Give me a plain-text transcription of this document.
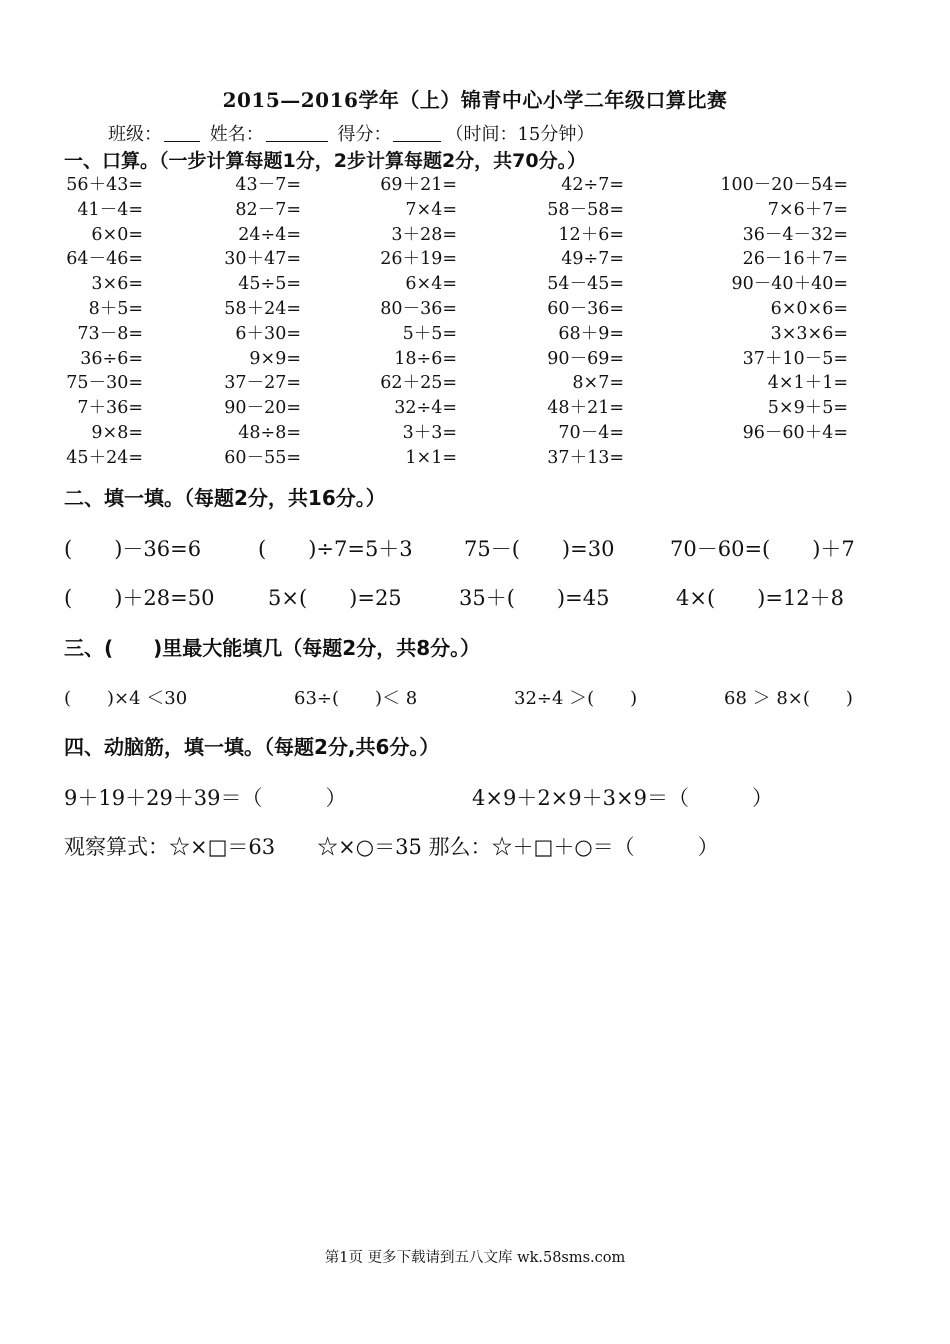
2015—2016学年（上）锦青中心小学二年级口算比赛
班级：	姓名：	得分：	（时间：15分钟）
一、口算。（一步计算每题1分，2步计算每题2分，共70分。）
56＋43=	43－7=	69＋21=	42÷7=	100－20－54=
41－4=	82－7=	7×4=	58－58=	7×6＋7=
6×0=	24÷4=	3＋28=	12＋6=	36－4－32=
64－46=	30＋47=	26＋19=	49÷7=	26－16＋7=
3×6=	45÷5=	6×4=	54－45=	90－40＋40=
8＋5=	58＋24=	80－36=	60－36=	6×0×6=
73－8=	6＋30=	5＋5=	68＋9=	3×3×6=
36÷6=	9×9=	18÷6=	90－69=	37＋10－5=
75－30=	37－27=	62＋25=	8×7=	4×1＋1=
7＋36=	90－20=	32÷4=	48＋21=	5×9＋5=
9×8=	48÷8=	3＋3=	70－4=	96－60＋4=
45＋24=	60－55=	1×1=	37＋13=
二、填一填。（每题2分，共16分。）
(　　)－36=6	(　　)÷7=5＋3 75－(　　)=30	70－60=(　　)＋7
(　　)＋28=50	5×(　　)=25	35＋(　　)=45	4×(　　)=12＋8
三、(　　)里最大能填几（每题2分，共8分。）
(　　)×4 ＜30	63÷(　　)＜ 8	32÷4 ＞(　　)	68 ＞ 8×(　　)
四、动脑筋，填一填。（每题2分,共6分。）
9＋19＋29＋39＝（　　　）	4×9＋2×9＋3×9＝（　　　）
观察算式：☆×□＝63　　☆×○＝35 那么：☆＋□＋○＝（　　　）
第1页 更多下载请到五八文库 wk.58sms.com
